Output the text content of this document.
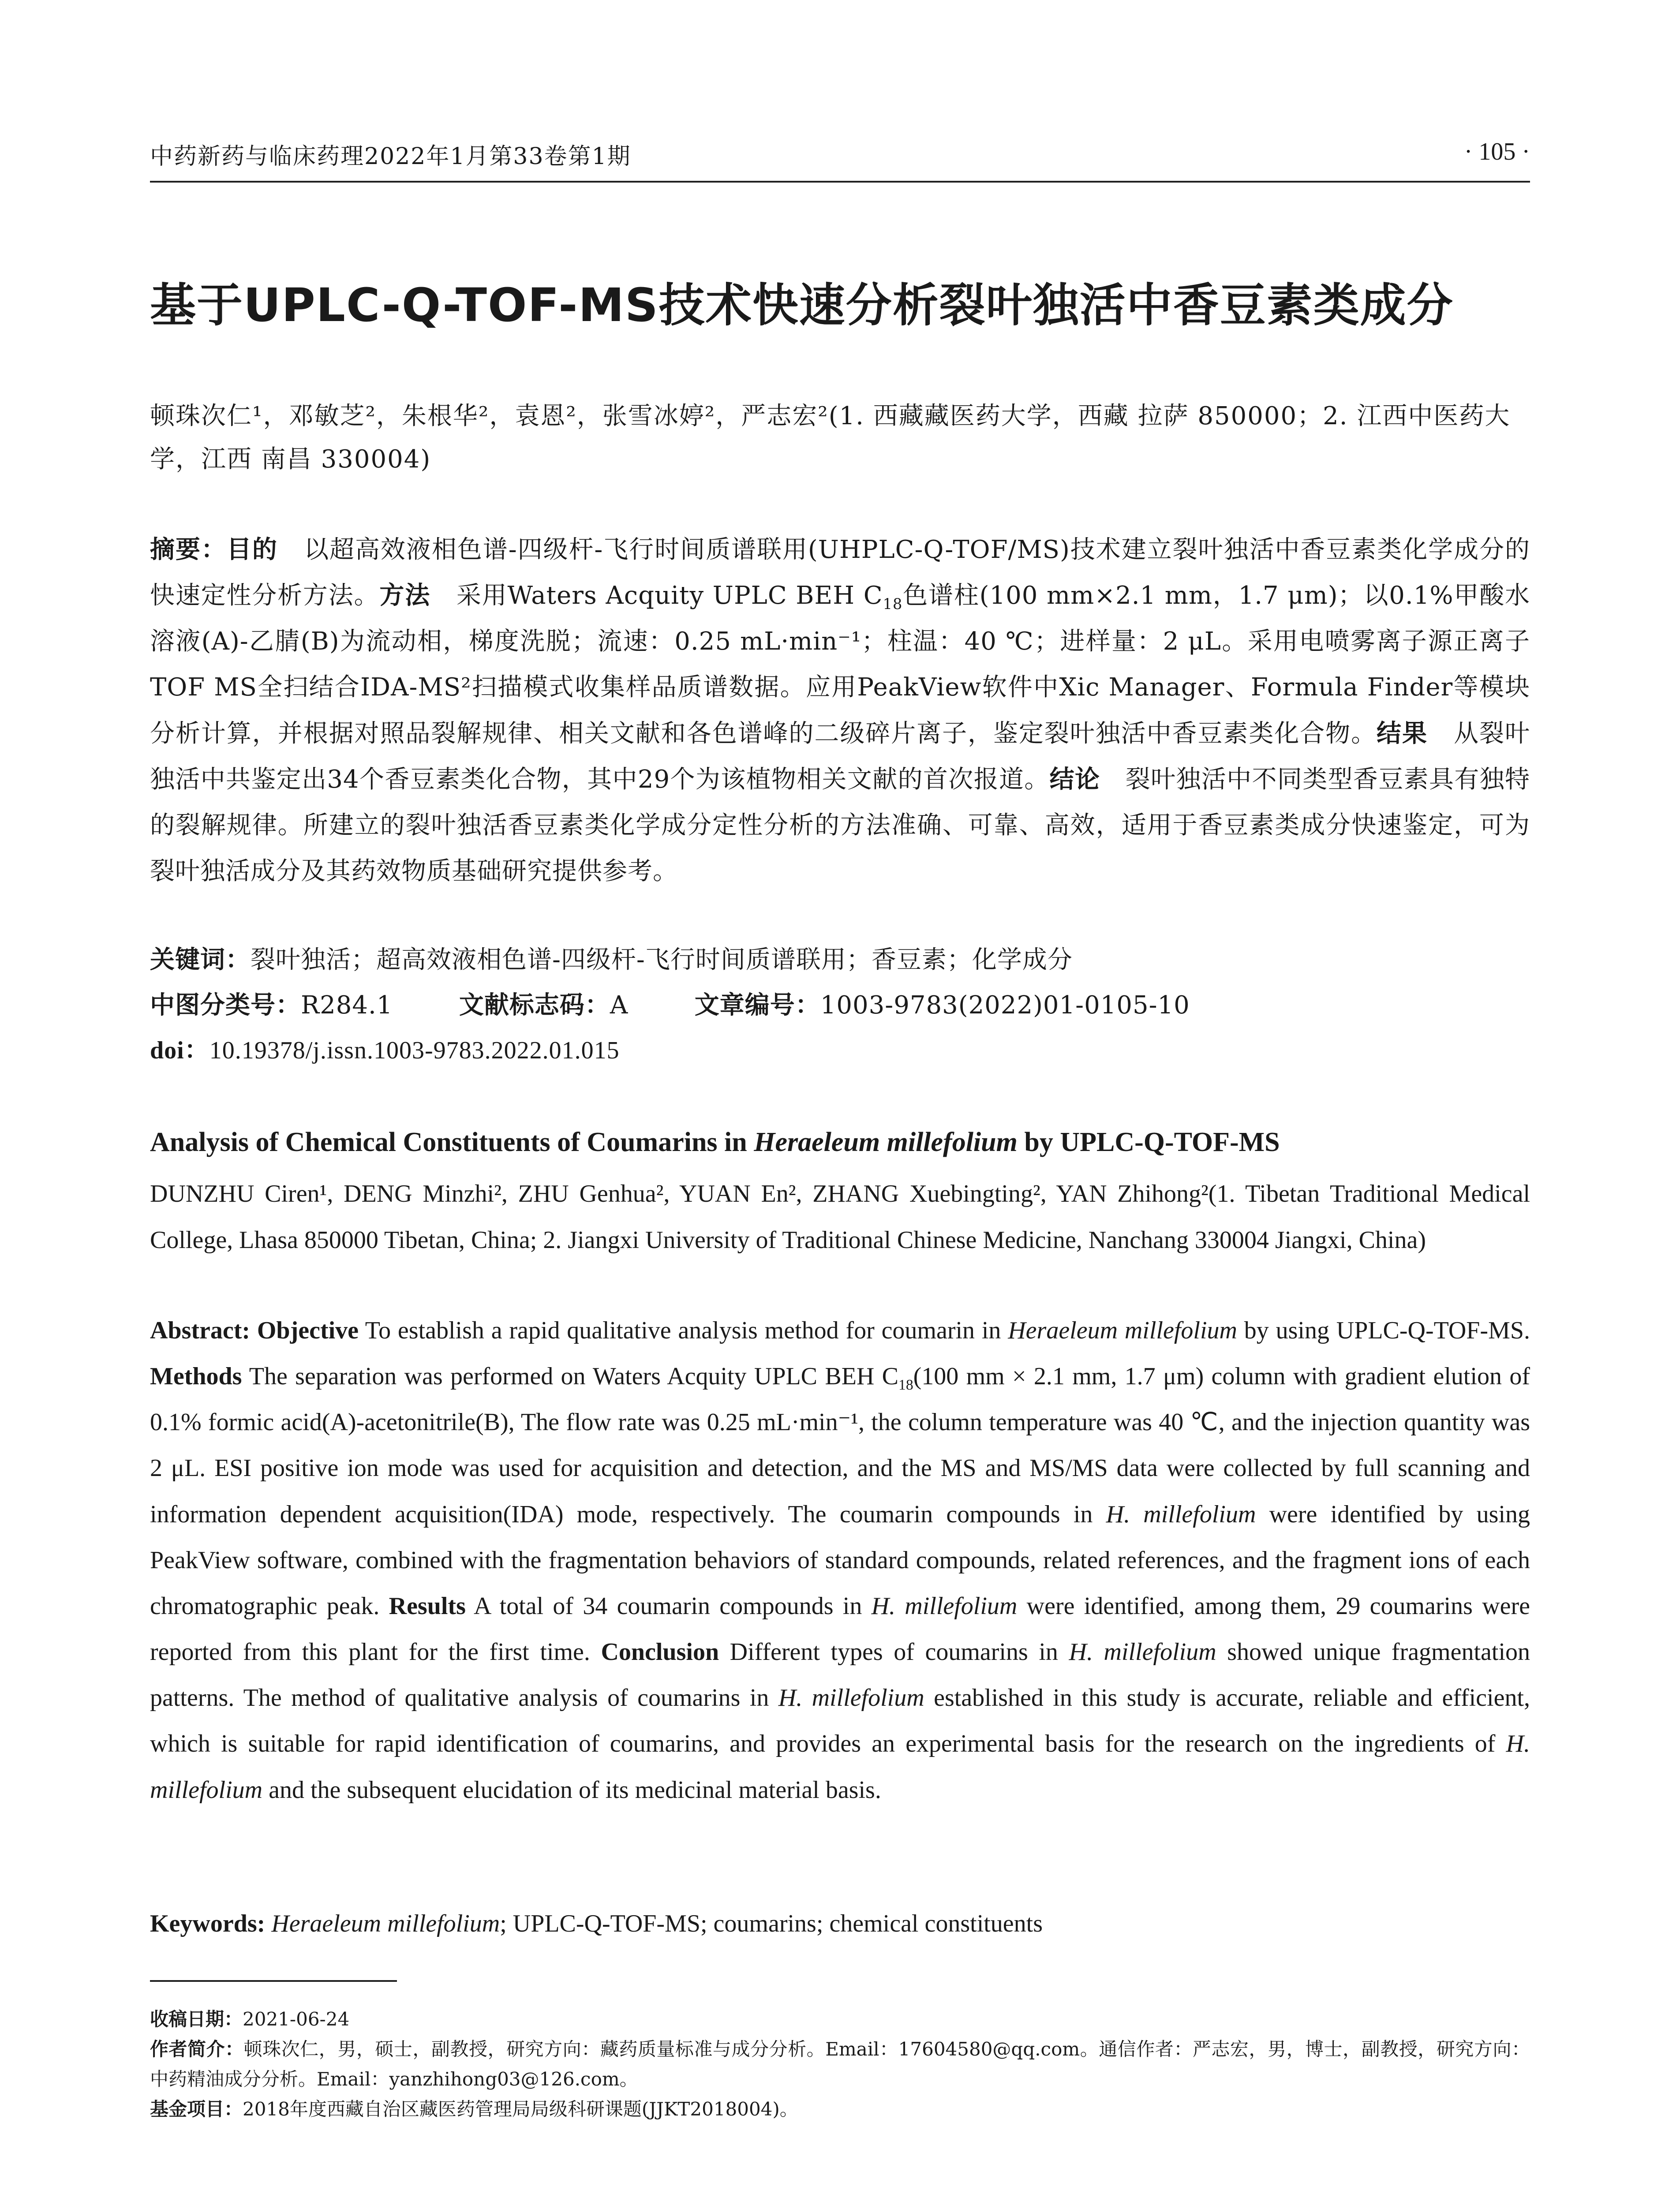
中药新药与临床药理2022年1月第33卷第1期	· 105 ·
基于UPLC-Q-TOF-MS技术快速分析裂叶独活中香豆素类成分
顿珠次仁¹，邓敏芝²，朱根华²，袁恩²，张雪冰婷²，严志宏²(1. 西藏藏医药大学，西藏 拉萨 850000；2. 江西中医药大学，江西 南昌 330004)
摘要：目的 以超高效液相色谱-四级杆-飞行时间质谱联用(UHPLC-Q-TOF/MS)技术建立裂叶独活中香豆素类化学成分的快速定性分析方法。方法 采用Waters Acquity UPLC BEH $C_{18}$色谱柱(100 mm×2.1 mm，1.7 μm)；以0.1%甲酸水溶液(A)-乙腈(B)为流动相，梯度洗脱；流速：0.25 mL·min⁻¹；柱温：40 ℃；进样量：2 μL。采用电喷雾离子源正离子TOF MS全扫结合IDA-MS²扫描模式收集样品质谱数据。应用PeakView软件中Xic Manager、Formula Finder等模块分析计算，并根据对照品裂解规律、相关文献和各色谱峰的二级碎片离子，鉴定裂叶独活中香豆素类化合物。结果 从裂叶独活中共鉴定出34个香豆素类化合物，其中29个为该植物相关文献的首次报道。结论 裂叶独活中不同类型香豆素具有独特的裂解规律。所建立的裂叶独活香豆素类化学成分定性分析的方法准确、可靠、高效，适用于香豆素类成分快速鉴定，可为裂叶独活成分及其药效物质基础研究提供参考。
关键词：裂叶独活；超高效液相色谱-四级杆-飞行时间质谱联用；香豆素；化学成分
中图分类号：R284.1	文献标志码：A	文章编号：1003-9783(2022)01-0105-10
doi：10.19378/j.issn.1003-9783.2022.01.015
Analysis of Chemical Constituents of Coumarins in Heraeleum millefolium by UPLC-Q-TOF-MS
DUNZHU Ciren¹, DENG Minzhi², ZHU Genhua², YUAN En², ZHANG Xuebingting², YAN Zhihong²(1. Tibetan Traditional Medical College, Lhasa 850000 Tibetan, China; 2. Jiangxi University of Traditional Chinese Medicine, Nanchang 330004 Jiangxi, China)
Abstract: Objective To establish a rapid qualitative analysis method for coumarin in Heraeleum millefolium by using UPLC-Q-TOF-MS. Methods The separation was performed on Waters Acquity UPLC BEH $C_{18}(100$ mm × 2.1 mm, 1.7 μm) column with gradient elution of 0.1% formic acid(A)-acetonitrile(B), The flow rate was 0.25 mL·min⁻¹, the column temperature was 40 ℃, and the injection quantity was 2 μL. ESI positive ion mode was used for acquisition and detection, and the MS and MS/MS data were collected by full scanning and information dependent acquisition(IDA) mode, respectively. The coumarin compounds in H. millefolium were identified by using PeakView software, combined with the fragmentation behaviors of standard compounds, related references, and the fragment ions of each chromatographic peak. Results A total of 34 coumarin compounds in H. millefolium were identified, among them, 29 coumarins were reported from this plant for the first time. Conclusion Different types of coumarins in H. millefolium showed unique fragmentation patterns. The method of qualitative analysis of coumarins in H. millefolium established in this study is accurate, reliable and efficient, which is suitable for rapid identification of coumarins, and provides an experimental basis for the research on the ingredients of H. millefolium and the subsequent elucidation of its medicinal material basis.
Keywords: Heraeleum millefolium; UPLC-Q-TOF-MS; coumarins; chemical constituents
收稿日期：2021-06-24
作者简介：顿珠次仁，男，硕士，副教授，研究方向：藏药质量标准与成分分析。Email：17604580@qq.com。通信作者：严志宏，男，博士，副教授，研究方向：中药精油成分分析。Email：yanzhihong03@126.com。
基金项目：2018年度西藏自治区藏医药管理局局级科研课题(JJKT2018004)。
